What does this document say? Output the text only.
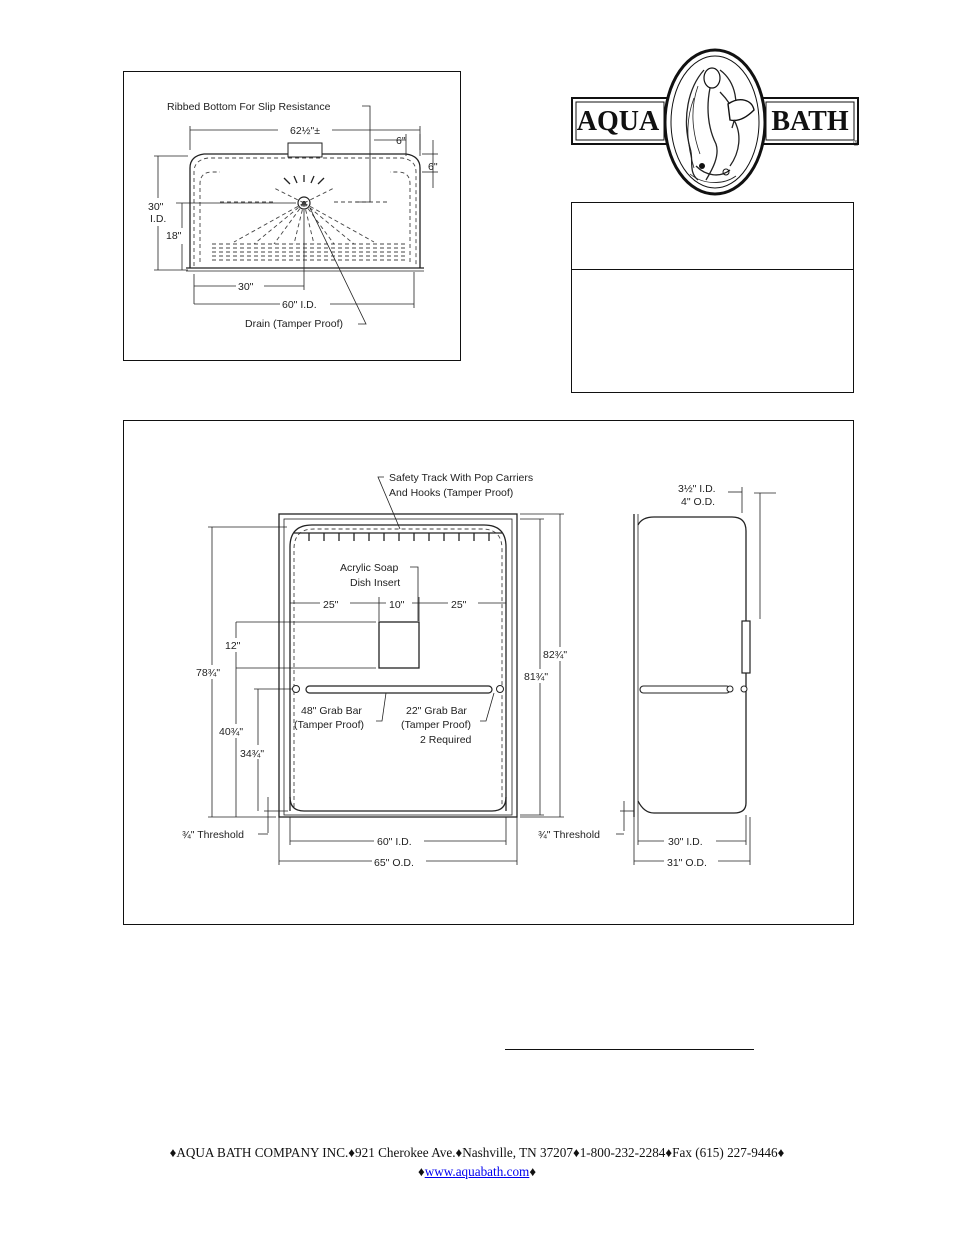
AQUA	BATH
®
Ribbed Bottom For Slip Resistance
62½"±
6"
6"
30"
I.D.
18"
30"
60" I.D.
Drain (Tamper Proof)
Safety Track With Pop Carriers
And Hooks (Tamper Proof)
Acrylic Soap
Dish Insert
25"	10"	25"
12"
78¾"
40¾"
34¾"
¾" Threshold
81¾"
82¾"
48" Grab Bar
(Tamper Proof)
22" Grab Bar
(Tamper Proof)
2 Required
60" I.D.
65" O.D.
¾" Threshold
3½" I.D.
4" O.D.
30" I.D.
31" O.D.
♦AQUA BATH COMPANY INC.♦921 Cherokee Ave.♦Nashville, TN 37207♦1-800-232-2284♦Fax (615) 227-9446♦
♦www.aquabath.com♦
